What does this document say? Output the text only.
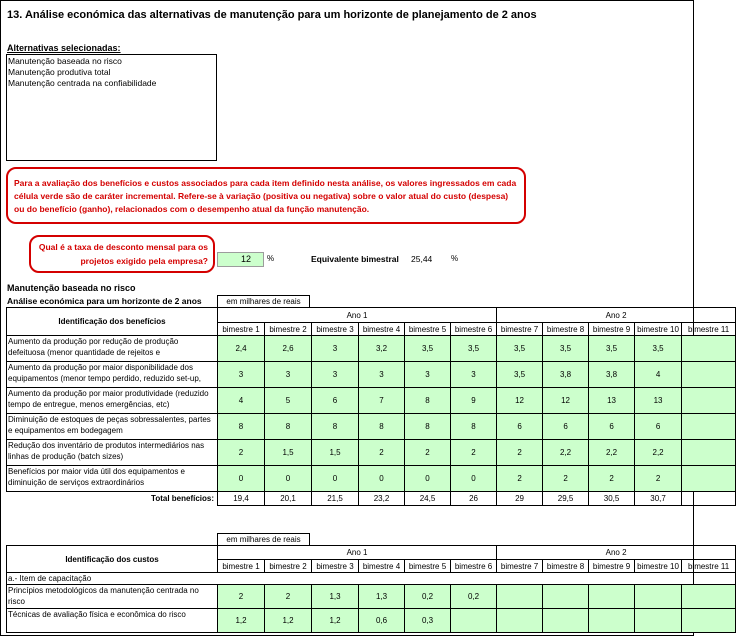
13. Análise económica das alternativas de manutenção para um horizonte de planejamento de 2 anos
Alternativas selecionadas:
Manutenção baseada no risco
Manutenção produtiva total
Manutenção centrada na confiabilidade
Para a avaliação dos benefícios e custos associados para cada item definido nesta análise, os valores ingressados em cada célula verde são de caráter incremental. Refere-se à variação (positiva ou negativa) sobre o valor atual do custo (despesa) ou do benefício (ganho), relacionados com o desempenho atual da função manutenção.
Qual é a taxa de desconto mensal para os
projetos exigido pela empresa?	12	%	Equivalente bimestral 25,44 %
Manutenção baseada no risco
Análise económica para um horizonte de 2 anos	em milhares de reais
Identificação dos benefícios	Ano 1						Ano 2				
	bimestre 1	bimestre 2	bimestre 3	bimestre 4	bimestre 5	bimestre 6	bimestre 7	bimestre 8	bimestre 9	bimestre 10	bimestre 11
Aumento da produção por redução de produção defeituosa (menor quantidade de rejeitos e	2,4	2,6	3	3,2	3,5	3,5	3,5	3,5	3,5	3,5	
Aumento da produção por maior disponibilidade dos equipamentos (menor tempo perdido, reduzido set-up,	3	3	3	3	3	3	3,5	3,8	3,8	4	
Aumento da produção por maior produtividade (reduzido tempo de entregue, menos emergências, etc)	4	5	6	7	8	9	12	12	13	13	
Diminuição de estoques de peças sobressalentes, partes e equipamentos em bodegagem	8	8	8	8	8	8	6	6	6	6	
Redução dos inventário de produtos intermediários nas linhas de produção (batch sizes)	2	1,5	1,5	2	2	2	2	2,2	2,2	2,2	
Benefícios por maior vida útil dos equipamentos e diminuição de serviços extraordinários	0	0	0	0	0	0	2	2	2	2	
Total benefícios:	19,4	20,1	21,5	23,2	24,5	26	29	29,5	30,5	30,7	
em milhares de reais
Identificação dos custos	Ano 1						Ano 2				
	bimestre 1	bimestre 2	bimestre 3	bimestre 4	bimestre 5	bimestre 6	bimestre 7	bimestre 8	bimestre 9	bimestre 10	bimestre 11
a.- Item de capacitação											
Princípios metodológicos da manutenção centrada no risco	2	2	1,3	1,3	0,2	0,2					
Técnicas de avaliação física e econômica do risco	1,2	1,2	1,2	0,6	0,3						
